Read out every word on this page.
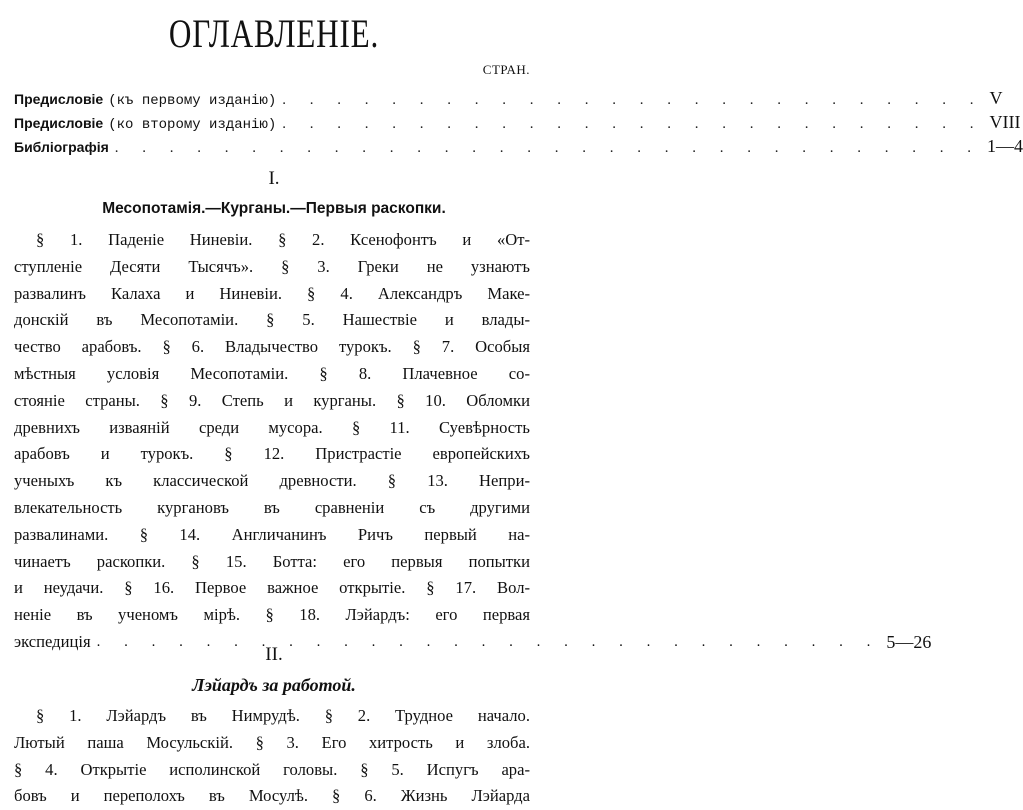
ОГЛАВЛЕНІЕ.
СТРАН.
Предисловіе (къ первому изданію) . . . . . . . . . . . . . . . . . . . . . . . . . . V
Предисловіе (ко второму изданію) . . . . . . . . . . . . . . . . . . . . . . . . . . VIII
Библіографія . . . . . . . . . . . . . . . . . . . . . . . . . . . . . . . . 1—4
I.
Месопотамія.—Курганы.—Первыя раскопки.
§ 1. Паденіе Ниневіи. § 2. Ксенофонтъ и «От-
ступленіе Десяти Тысячъ». § 3. Греки не узнаютъ
развалинъ Калаха и Ниневіи. § 4. Александръ Маке-
донскій въ Месопотаміи. § 5. Нашествіе и влады-
чество арабовъ. § 6. Владычество турокъ. § 7. Особыя
мѣстныя условія Месопотаміи. § 8. Плачевное со-
стояніе страны. § 9. Степь и курганы. § 10. Обломки
древнихъ изваяній среди мусора. § 11. Суевѣрность
арабовъ и турокъ. § 12. Пристрастіе европейскихъ
ученыхъ къ классической древности. § 13. Непри-
влекательность кургановъ въ сравненіи съ другими
развалинами. § 14. Англичанинъ Ричъ первый на-
чинаетъ раскопки. § 15. Ботта: его первыя попытки
и неудачи. § 16. Первое важное открытіе. § 17. Вол-
неніе въ ученомъ мірѣ. § 18. Лэйардъ: его первая
экспедиція . . . . . . . . . . . . . . . . . . . . . . . . . . . . . 5—26
II.
Лэйардъ за работой.
§ 1. Лэйардъ въ Нимрудѣ. § 2. Трудное начало.
Лютый паша Мосульскій. § 3. Его хитрость и злоба.
§ 4. Открытіе исполинской головы. § 5. Испугъ ара-
бовъ и переполохъ въ Мосулѣ. § 6. Жизнь Лэйарда
